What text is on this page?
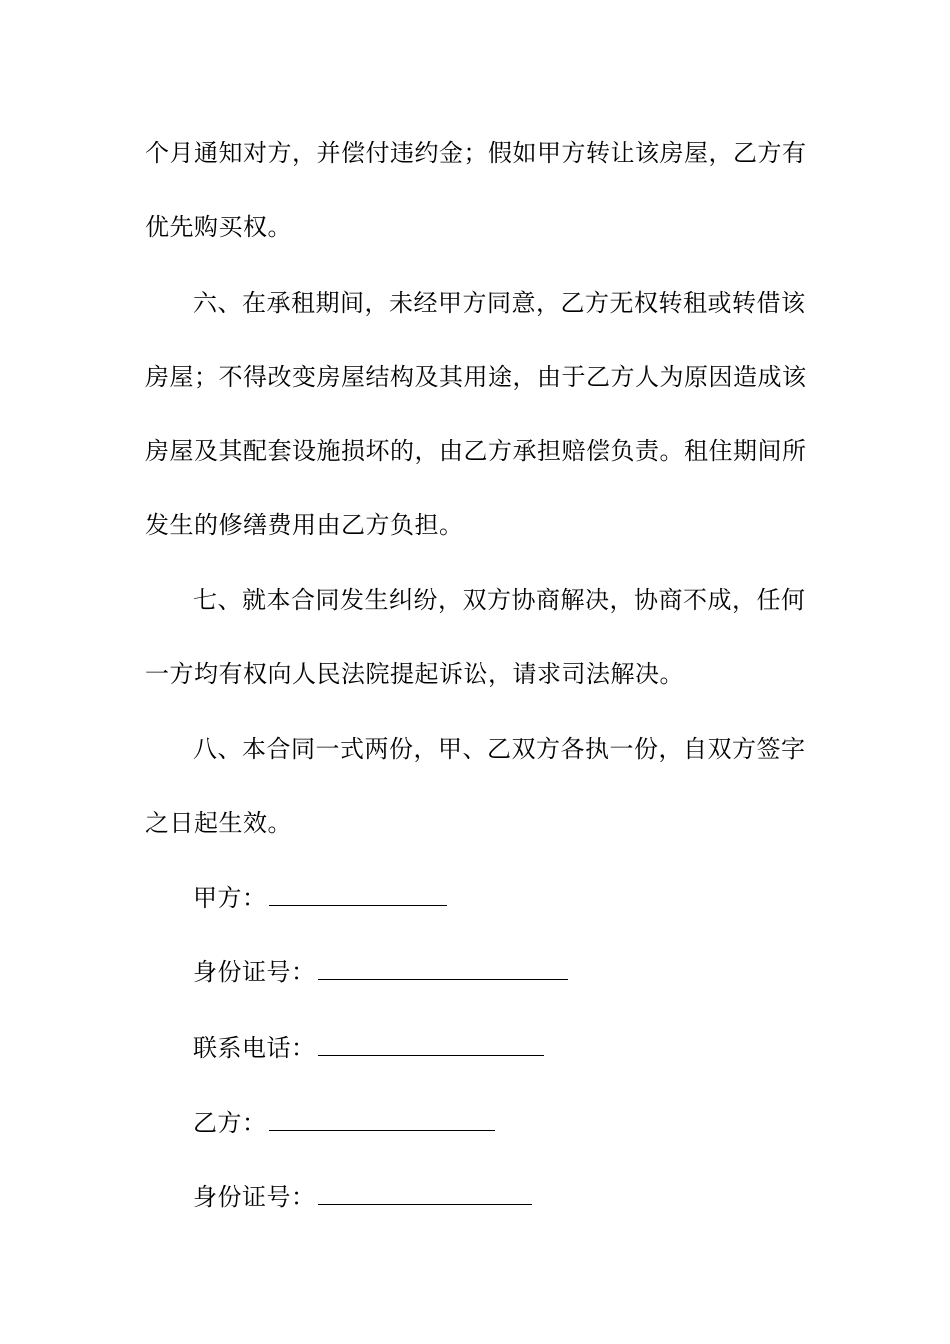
个月通知对方，并偿付违约金；假如甲方转让该房屋，乙方有
优先购买权。
六、在承租期间，未经甲方同意，乙方无权转租或转借该
房屋；不得改变房屋结构及其用途，由于乙方人为原因造成该
房屋及其配套设施损坏的，由乙方承担赔偿负责。租住期间所
发生的修缮费用由乙方负担。
七、就本合同发生纠纷，双方协商解决，协商不成，任何
一方均有权向人民法院提起诉讼，请求司法解决。
八、本合同一式两份，甲、乙双方各执一份，自双方签字
之日起生效。
甲方：
身份证号：
联系电话：
乙方：
身份证号：
